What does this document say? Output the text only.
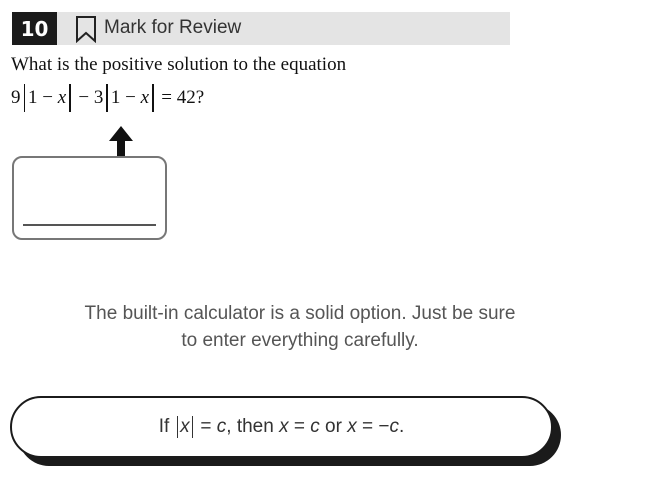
10	Mark for Review
What is the positive solution to the equation
9 1 − x − 3 1 − x = 42?
The built-in calculator is a solid option. Just be sure
to enter everything carefully.
If x = c , then x = c or x = − c .
